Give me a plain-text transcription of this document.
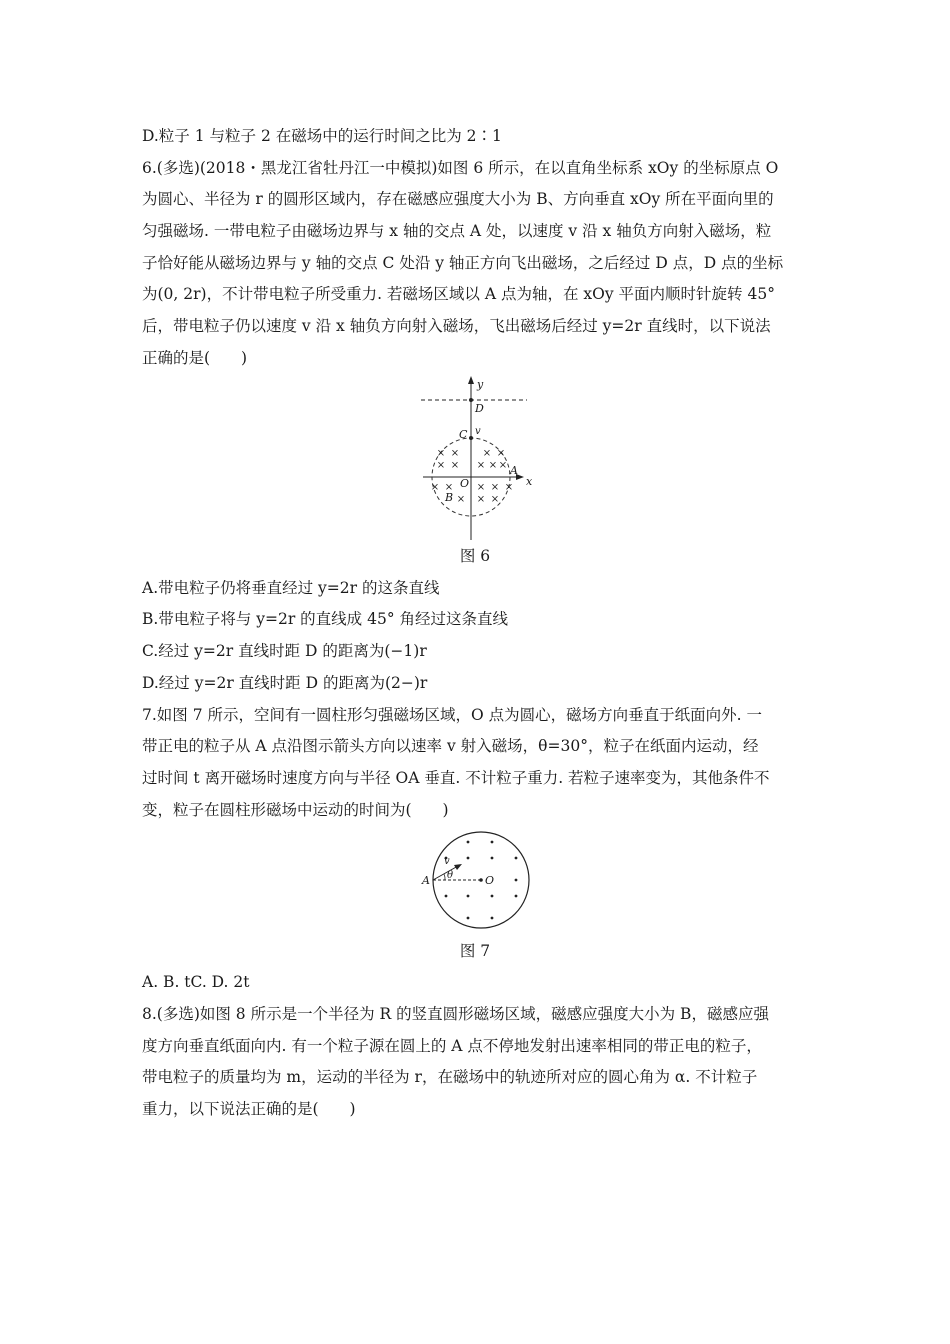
D.粒子 1 与粒子 2 在磁场中的运行时间之比为 2∶1
6.(多选)(2018・黑龙江省牡丹江一中模拟)如图 6 所示，在以直角坐标系 xOy 的坐标原点 O
为圆心、半径为 r 的圆形区域内，存在磁感应强度大小为 B、方向垂直 xOy 所在平面向里的
匀强磁场. 一带电粒子由磁场边界与 x 轴的交点 A 处，以速度 v 沿 x 轴负方向射入磁场，粒
子恰好能从磁场边界与 y 轴的交点 C 处沿 y 轴正方向飞出磁场，之后经过 D 点，D 点的坐标
为(0, 2r)，不计带电粒子所受重力. 若磁场区域以 A 点为轴，在 xOy 平面内顺时针旋转 45°
后，带电粒子仍以速度 v 沿 x 轴负方向射入磁场，飞出磁场后经过 y=2r 直线时，以下说法
正确的是(　　)
× × × ×
× × × × ×
× × × × ×
× × ×
y
x
D
C v
A
O
B
图 6
A.带电粒子仍将垂直经过 y=2r 的这条直线
B.带电粒子将与 y=2r 的直线成 45° 角经过这条直线
C.经过 y=2r 直线时距 D 的距离为(−1)r
D.经过 y=2r 直线时距 D 的距离为(2−)r
7.如图 7 所示，空间有一圆柱形匀强磁场区域，O 点为圆心，磁场方向垂直于纸面向外. 一
带正电的粒子从 A 点沿图示箭头方向以速率 v 射入磁场，θ=30°，粒子在纸面内运动，经
过时间 t 离开磁场时速度方向与半径 OA 垂直. 不计粒子重力. 若粒子速率变为，其他条件不
变，粒子在圆柱形磁场中运动的时间为(　　)
A
v
θ	O
图 7
A. B. tC. D. 2t
8.(多选)如图 8 所示是一个半径为 R 的竖直圆形磁场区域，磁感应强度大小为 B，磁感应强
度方向垂直纸面向内. 有一个粒子源在圆上的 A 点不停地发射出速率相同的带正电的粒子，
带电粒子的质量均为 m，运动的半径为 r，在磁场中的轨迹所对应的圆心角为 α. 不计粒子
重力，以下说法正确的是(　　)
